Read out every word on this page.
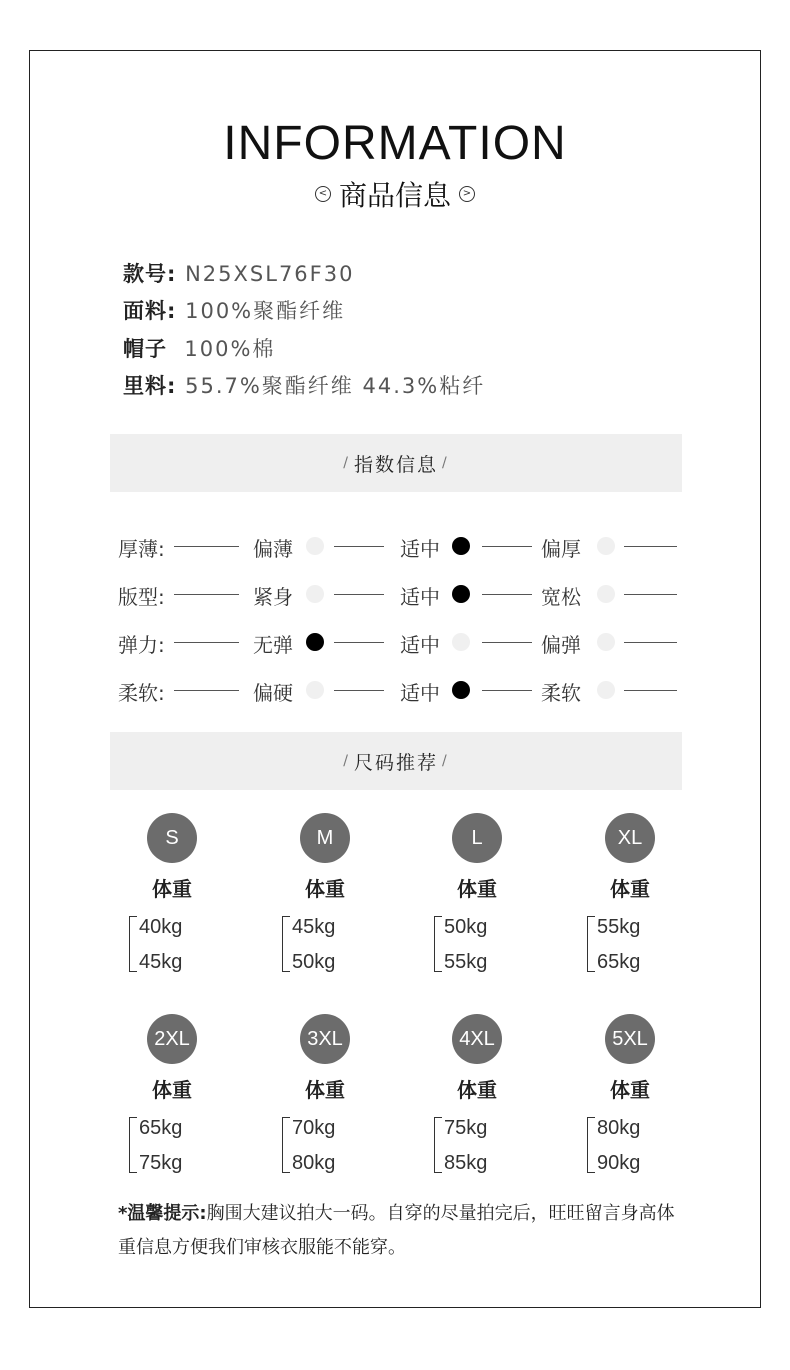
INFORMATION
< 商品信息	>
款号: N25XSL76F30
面料: 100%聚酯纤维
帽子 100%棉
里料: 55.7%聚酯纤维 44.3%粘纤
/ 指数信息 /
厚薄:	偏薄	适中	偏厚
版型:	紧身	适中	宽松
弹力:	无弹	适中	偏弹
柔软:	偏硬	适中	柔软
/ 尺码推荐 /
S
体重
40kg
45kg
M
体重
45kg
50kg
L
体重
50kg
55kg
XL
体重
55kg
65kg
2XL
体重
65kg
75kg
3XL
体重
70kg
80kg
4XL
体重
75kg
85kg
5XL
体重
80kg
90kg
*温馨提示:胸围大建议拍大一码。自穿的尽量拍完后，旺旺留言身高体重信息方便我们审核衣服能不能穿。
